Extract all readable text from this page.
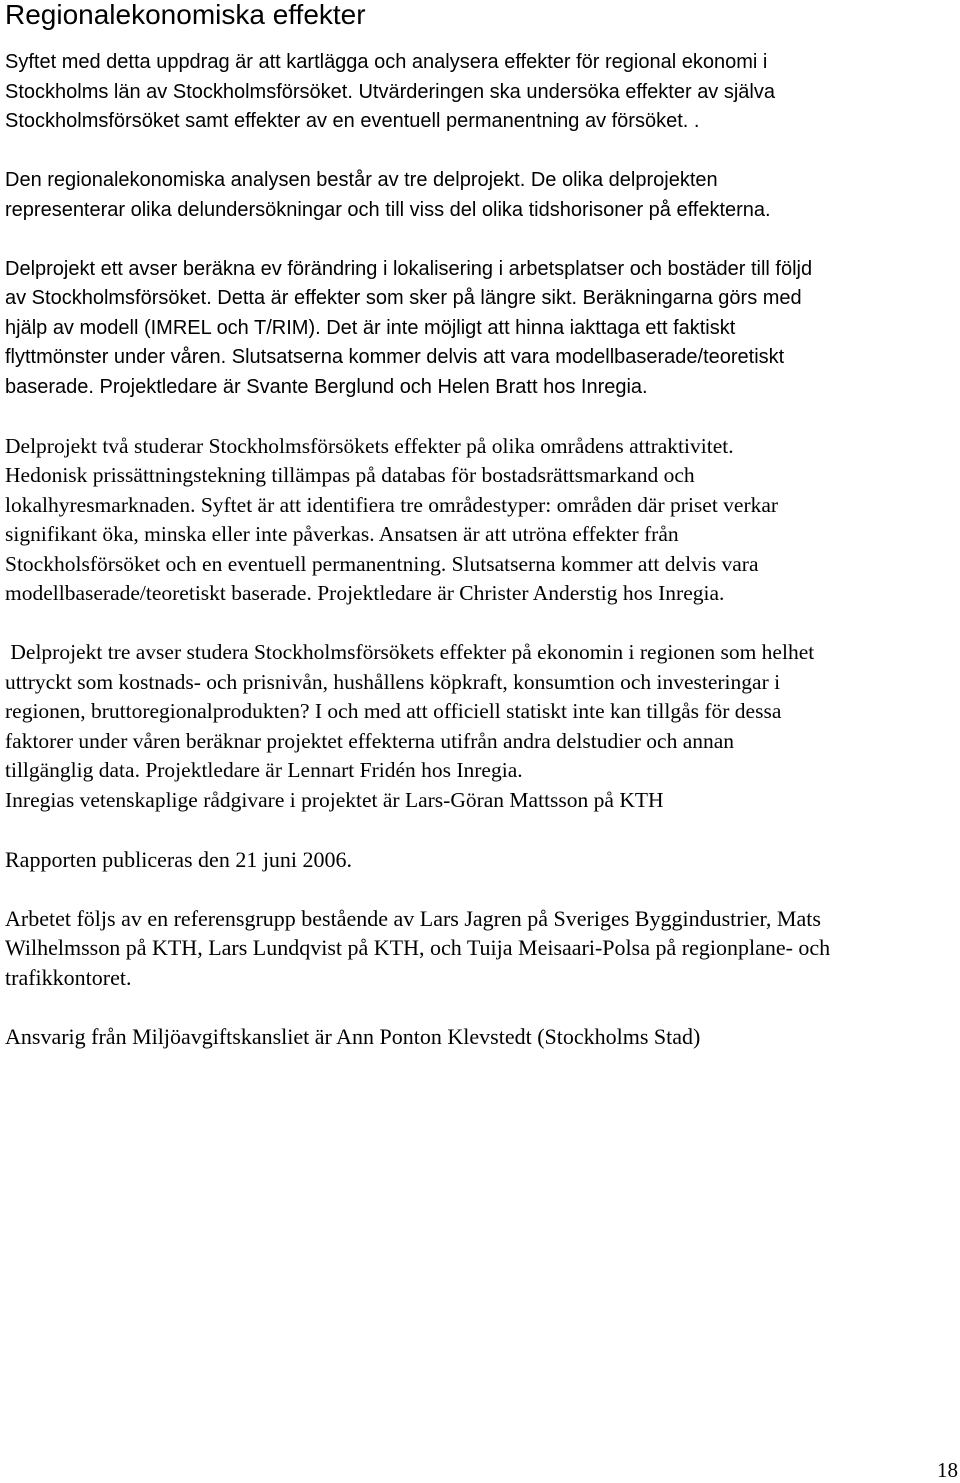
Regionalekonomiska effekter

Syftet med detta uppdrag är att kartlägga och analysera effekter för regional ekonomi i
Stockholms län av Stockholmsförsöket. Utvärderingen ska undersöka effekter av själva
Stockholmsförsöket samt effekter av en eventuell permanentning av försöket. .

Den regionalekonomiska analysen består av tre delprojekt. De olika delprojekten
representerar olika delundersökningar och till viss del olika tidshorisoner på effekterna.

Delprojekt ett avser beräkna ev förändring i lokalisering i arbetsplatser och bostäder till följd
av Stockholmsförsöket. Detta är effekter som sker på längre sikt. Beräkningarna görs med
hjälp av modell (IMREL och T/RIM). Det är inte möjligt att hinna iakttaga ett faktiskt
flyttmönster under våren. Slutsatserna kommer delvis att vara modellbaserade/teoretiskt
baserade. Projektledare är Svante Berglund och Helen Bratt hos Inregia.

Delprojekt två studerar Stockholmsförsökets effekter på olika områdens attraktivitet.
Hedonisk prissättningstekning tillämpas på databas för bostadsrättsmarkand och
lokalhyresmarknaden. Syftet är att identifiera tre områdestyper: områden där priset verkar
signifikant öka, minska eller inte påverkas. Ansatsen är att utröna effekter från
Stockholsförsöket och en eventuell permanentning. Slutsatserna kommer att delvis vara
modellbaserade/teoretiskt baserade. Projektledare är Christer Anderstig hos Inregia.

Delprojekt tre avser studera Stockholmsförsökets effekter på ekonomin i regionen som helhet
uttryckt som kostnads- och prisnivån, hushållens köpkraft, konsumtion och investeringar i
regionen, bruttoregionalprodukten? I och med att officiell statiskt inte kan tillgås för dessa
faktorer under våren beräknar projektet effekterna utifrån andra delstudier och annan
tillgänglig data. Projektledare är Lennart Fridén hos Inregia.
Inregias vetenskaplige rådgivare i projektet är Lars-Göran Mattsson på KTH

Rapporten publiceras den 21 juni 2006.

Arbetet följs av en referensgrupp bestående av Lars Jagren på Sveriges Byggindustrier, Mats
Wilhelmsson på KTH, Lars Lundqvist på KTH, och Tuija Meisaari-Polsa på regionplane- och
trafikkontoret.

Ansvarig från Miljöavgiftskansliet är Ann Ponton Klevstedt (Stockholms Stad)

18
